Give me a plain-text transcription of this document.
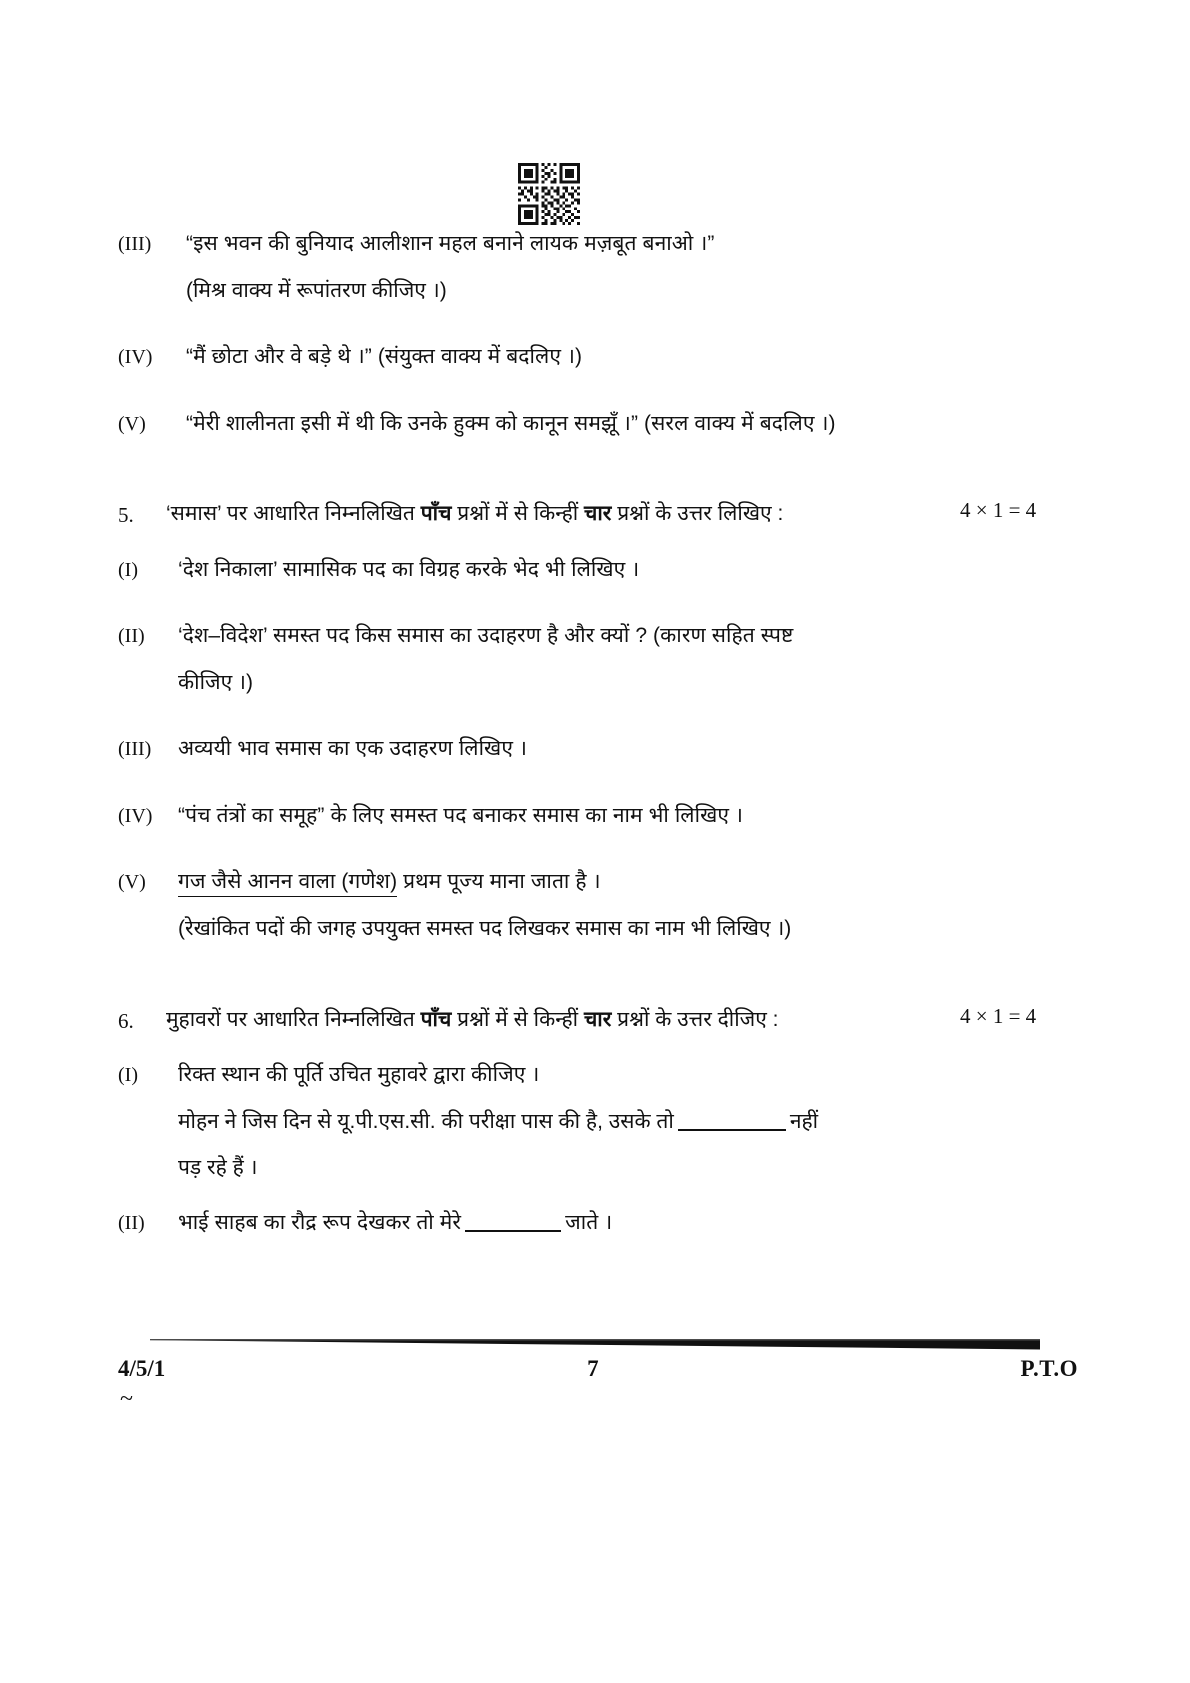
(III)	“इस भवन की बुनियाद आलीशान महल बनाने लायक मज़बूत बनाओ ।”
(मिश्र वाक्य में रूपांतरण कीजिए ।)
(IV)	“मैं छोटा और वे बड़े थे ।” (संयुक्त वाक्य में बदलिए ।)
(V)	“मेरी शालीनता इसी में थी कि उनके हुक्म को कानून समझूँ ।” (सरल वाक्य में बदलिए ।)
5.	‘समास’ पर आधारित निम्नलिखित पाँच प्रश्नों में से किन्हीं चार प्रश्नों के उत्तर लिखिए :	4 × 1 = 4
(I)	‘देश निकाला’ सामासिक पद का विग्रह करके भेद भी लिखिए ।
(II)	‘देश–विदेश’ समस्त पद किस समास का उदाहरण है और क्यों ? (कारण सहित स्पष्ट
कीजिए ।)
(III)	अव्ययी भाव समास का एक उदाहरण लिखिए ।
(IV)	“पंच तंत्रों का समूह” के लिए समस्त पद बनाकर समास का नाम भी लिखिए ।
(V)	गज जैसे आनन वाला (गणेश) प्रथम पूज्य माना जाता है ।
(रेखांकित पदों की जगह उपयुक्त समस्त पद लिखकर समास का नाम भी लिखिए ।)
6.	मुहावरों पर आधारित निम्नलिखित पाँच प्रश्नों में से किन्हीं चार प्रश्नों के उत्तर दीजिए :	4 × 1 = 4
(I)	रिक्त स्थान की पूर्ति उचित मुहावरे द्वारा कीजिए ।
मोहन ने जिस दिन से यू.पी.एस.सी. की परीक्षा पास की है, उसके तो	नहीं
पड़ रहे हैं ।
(II)	भाई साहब का रौद्र रूप देखकर तो मेरे	जाते ।
4/5/1	7	P.T.O
~
